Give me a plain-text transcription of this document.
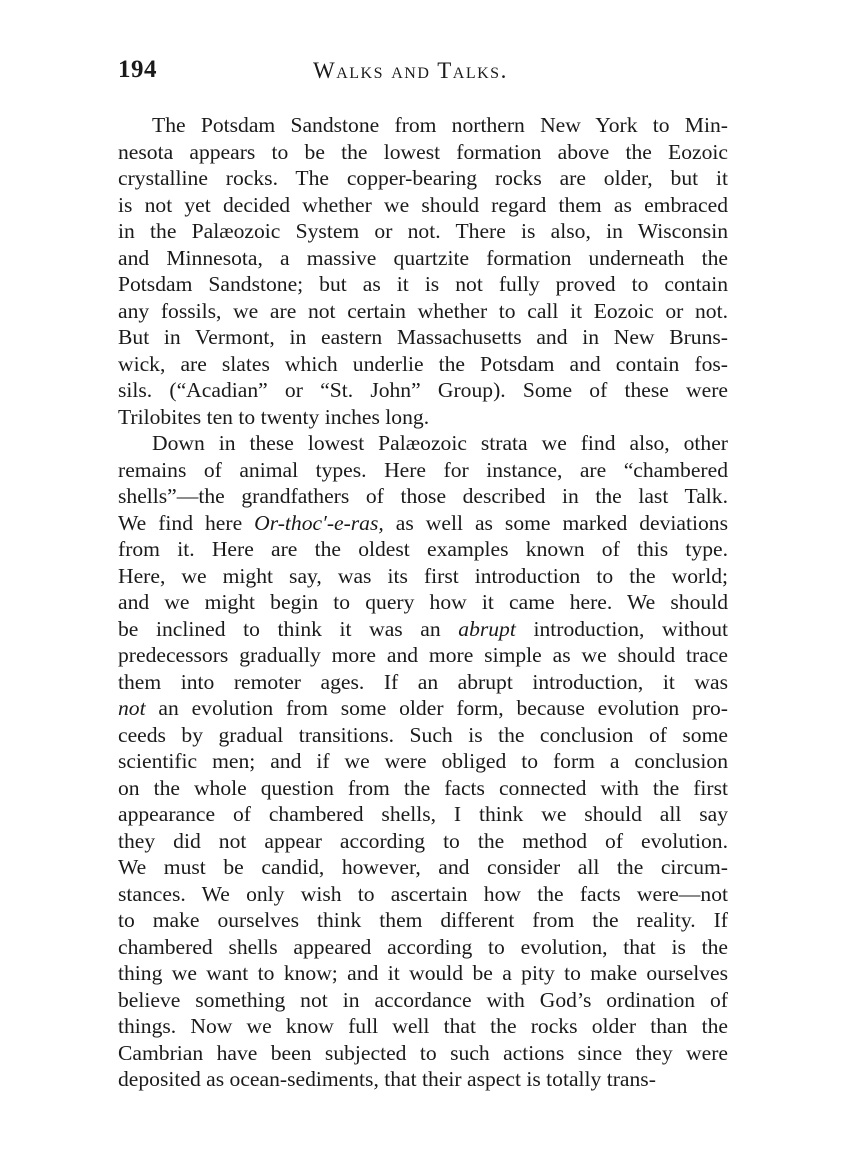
194	Walks and Talks.
The Potsdam Sandstone from northern New York to Min-
nesota appears to be the lowest formation above the Eozoic
crystalline rocks. The copper-bearing rocks are older, but it
is not yet decided whether we should regard them as embraced
in the Palæozoic System or not. There is also, in Wisconsin
and Minnesota, a massive quartzite formation underneath the
Potsdam Sandstone; but as it is not fully proved to contain
any fossils, we are not certain whether to call it Eozoic or not.
But in Vermont, in eastern Massachusetts and in New Bruns-
wick, are slates which underlie the Potsdam and contain fos-
sils. (“Acadian” or “St. John” Group). Some of these were
Trilobites ten to twenty inches long.
Down in these lowest Palæozoic strata we find also, other
remains of animal types. Here for instance, are “chambered
shells”—the grandfathers of those described in the last Talk.
We find here Or-thoc′-e-ras, as well as some marked deviations
from it. Here are the oldest examples known of this type.
Here, we might say, was its first introduction to the world;
and we might begin to query how it came here. We should
be inclined to think it was an abrupt introduction, without
predecessors gradually more and more simple as we should trace
them into remoter ages. If an abrupt introduction, it was
not an evolution from some older form, because evolution pro-
ceeds by gradual transitions. Such is the conclusion of some
scientific men; and if we were obliged to form a conclusion
on the whole question from the facts connected with the first
appearance of chambered shells, I think we should all say
they did not appear according to the method of evolution.
We must be candid, however, and consider all the circum-
stances. We only wish to ascertain how the facts were—not
to make ourselves think them different from the reality. If
chambered shells appeared according to evolution, that is the
thing we want to know; and it would be a pity to make ourselves
believe something not in accordance with God’s ordination of
things. Now we know full well that the rocks older than the
Cambrian have been subjected to such actions since they were
deposited as ocean-sediments, that their aspect is totally trans-
